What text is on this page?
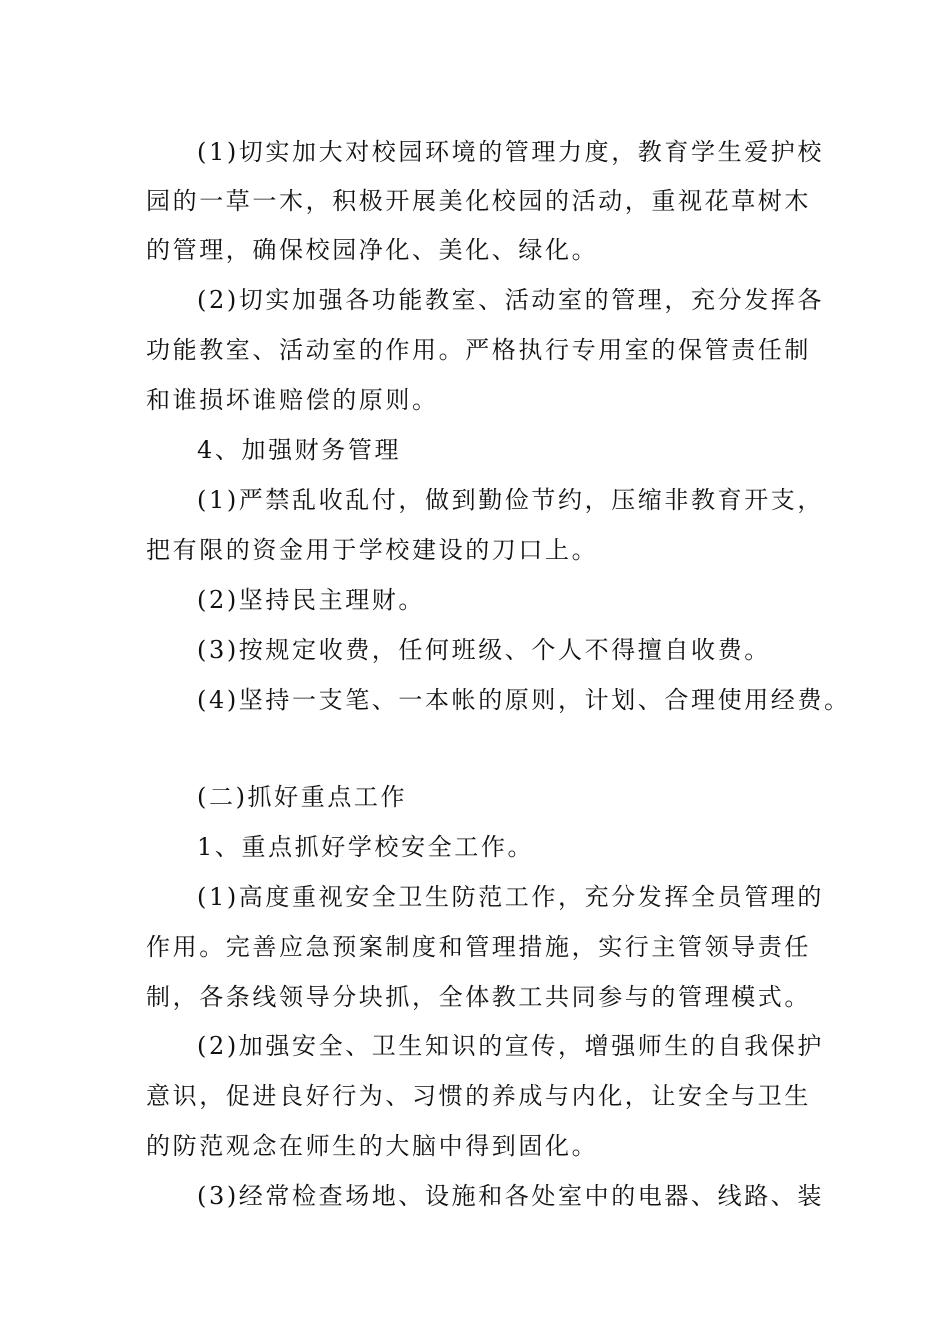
(1)切实加大对校园环境的管理力度，教育学生爱护校
园的一草一木，积极开展美化校园的活动，重视花草树木
的管理，确保校园净化、美化、绿化。
(2)切实加强各功能教室、活动室的管理，充分发挥各
功能教室、活动室的作用。严格执行专用室的保管责任制
和谁损坏谁赔偿的原则。
4、加强财务管理
(1)严禁乱收乱付，做到勤俭节约，压缩非教育开支，
把有限的资金用于学校建设的刀口上。
(2)坚持民主理财。
(3)按规定收费，任何班级、个人不得擅自收费。
(4)坚持一支笔、一本帐的原则，计划、合理使用经费。
(二)抓好重点工作
1、重点抓好学校安全工作。
(1)高度重视安全卫生防范工作，充分发挥全员管理的
作用。完善应急预案制度和管理措施，实行主管领导责任
制，各条线领导分块抓，全体教工共同参与的管理模式。
(2)加强安全、卫生知识的宣传，增强师生的自我保护
意识，促进良好行为、习惯的养成与内化，让安全与卫生
的防范观念在师生的大脑中得到固化。
(3)经常检查场地、设施和各处室中的电器、线路、装
